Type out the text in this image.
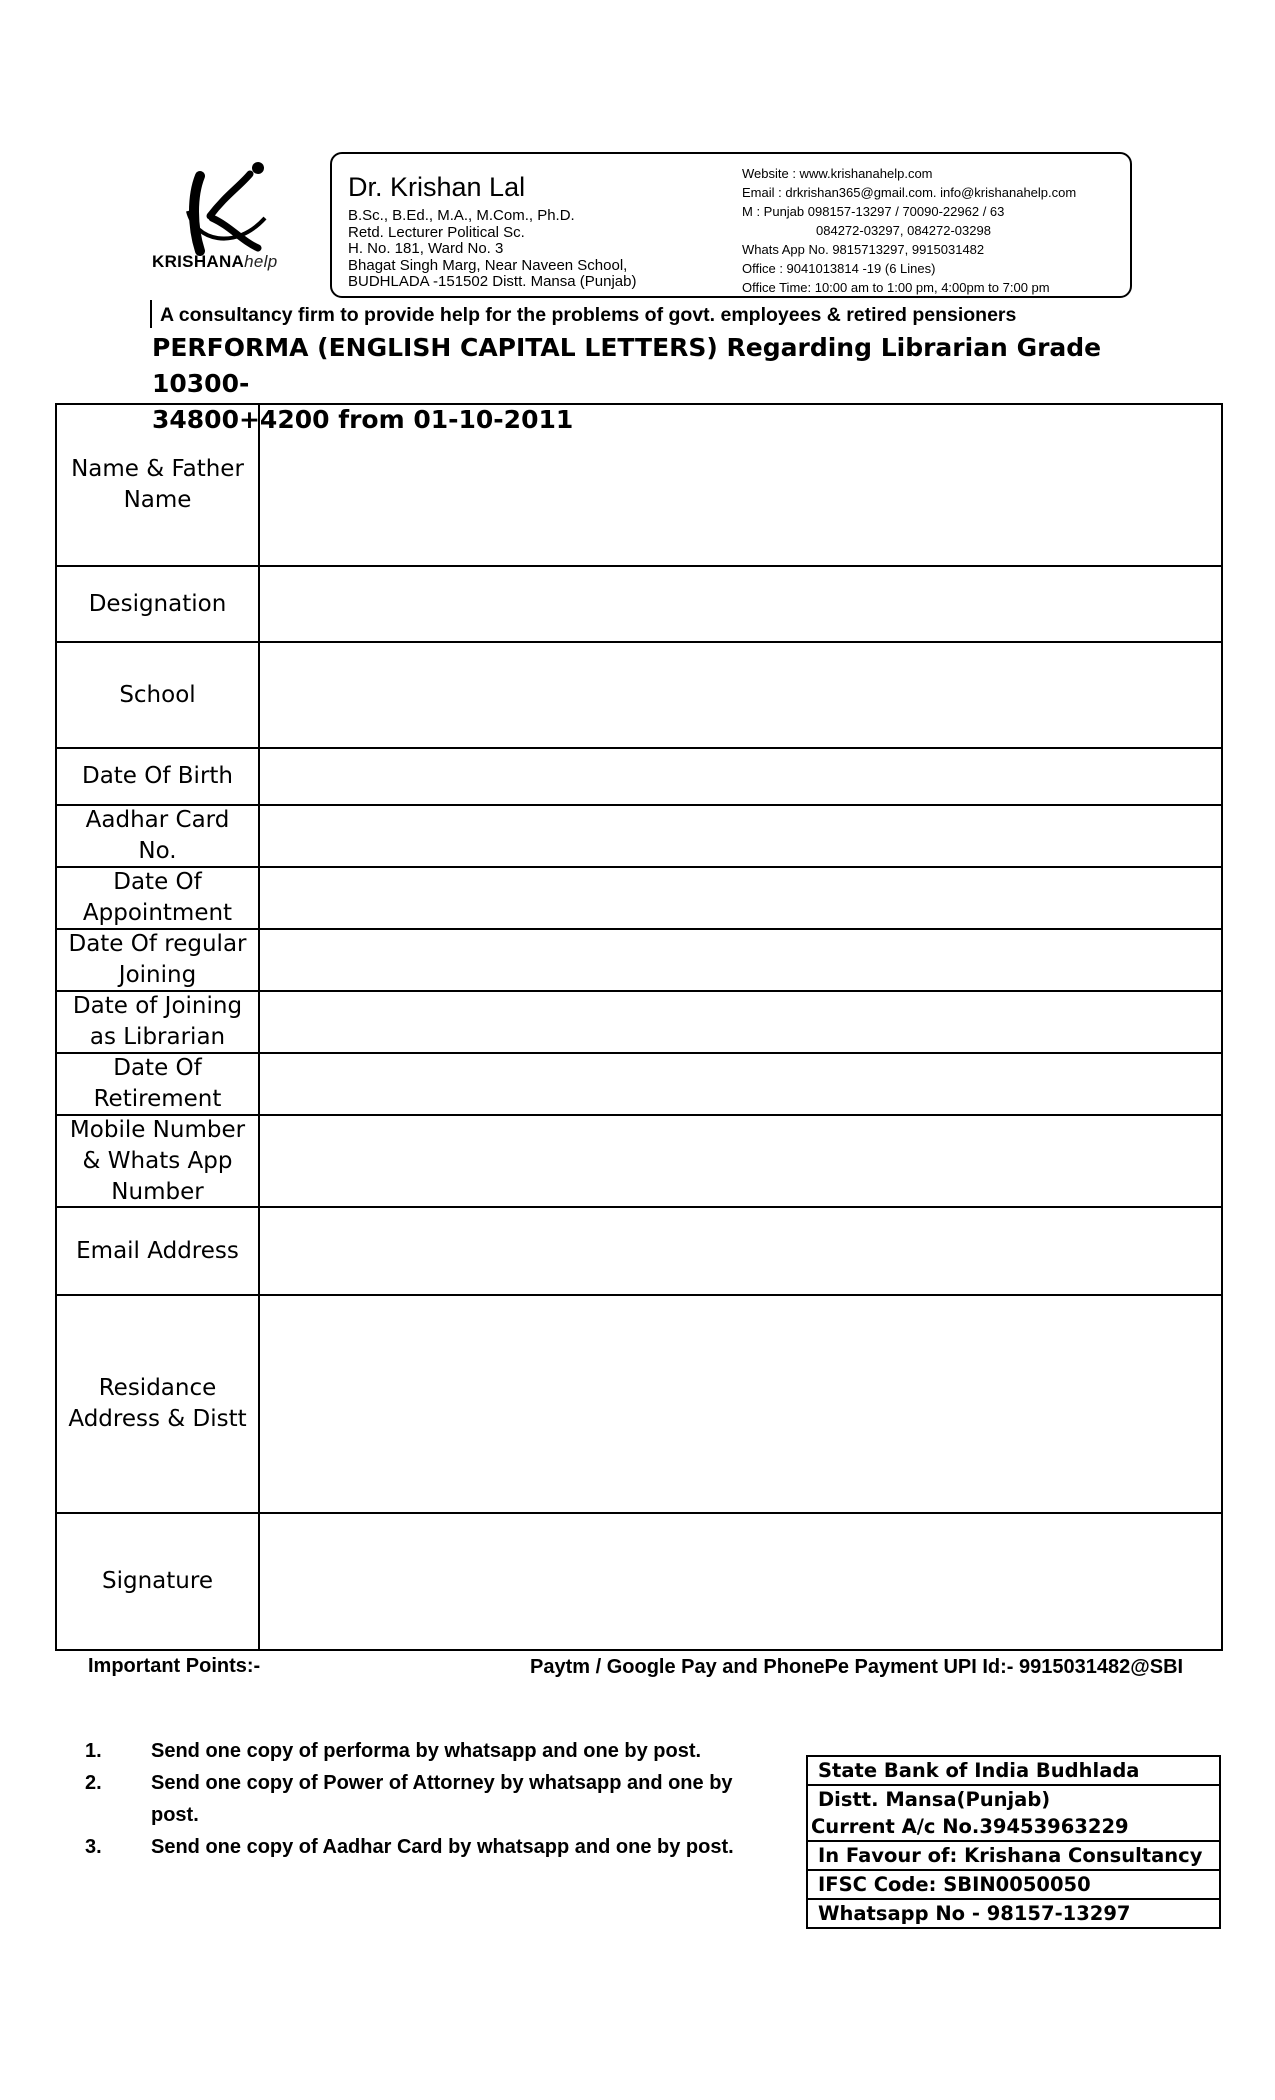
KRISHANAhelp
Dr. Krishan Lal
B.Sc., B.Ed., M.A., M.Com., Ph.D.
Retd. Lecturer Political Sc.
H. No. 181, Ward No. 3
Bhagat Singh Marg, Near Naveen School,
BUDHLADA -151502 Distt. Mansa (Punjab)
Website : www.krishanahelp.com
Email : drkrishan365@gmail.com. info@krishanahelp.com
M : Punjab 098157-13297 / 70090-22962 / 63
084272-03297, 084272-03298
Whats App No. 9815713297, 9915031482
Office : 9041013814 -19 (6 Lines)
Office Time: 10:00 am to 1:00 pm, 4:00pm to 7:00 pm
A consultancy firm to provide help for the problems of govt. employees & retired pensioners
PERFORMA (ENGLISH CAPITAL LETTERS) Regarding Librarian Grade 10300-
34800+4200 from 01-10-2011
Name & Father Name
Designation
School
Date Of Birth
Aadhar Card No.
Date Of Appointment
Date Of regular Joining
Date of Joining as Librarian
Date Of Retirement
Mobile Number & Whats App Number
Email Address
Residance Address & Distt
Signature
Important Points:-	Paytm / Google Pay and PhonePe Payment UPI Id:- 9915031482@SBI
1. Send one copy of performa by whatsapp and one by post.
2. Send one copy of Power of Attorney by whatsapp and one by post.
3. Send one copy of Aadhar Card by whatsapp and one by post.
State Bank of India Budhlada
Distt. Mansa(Punjab)
Current A/c No.39453963229
In Favour of: Krishana Consultancy
IFSC Code: SBIN0050050
Whatsapp No - 98157-13297
